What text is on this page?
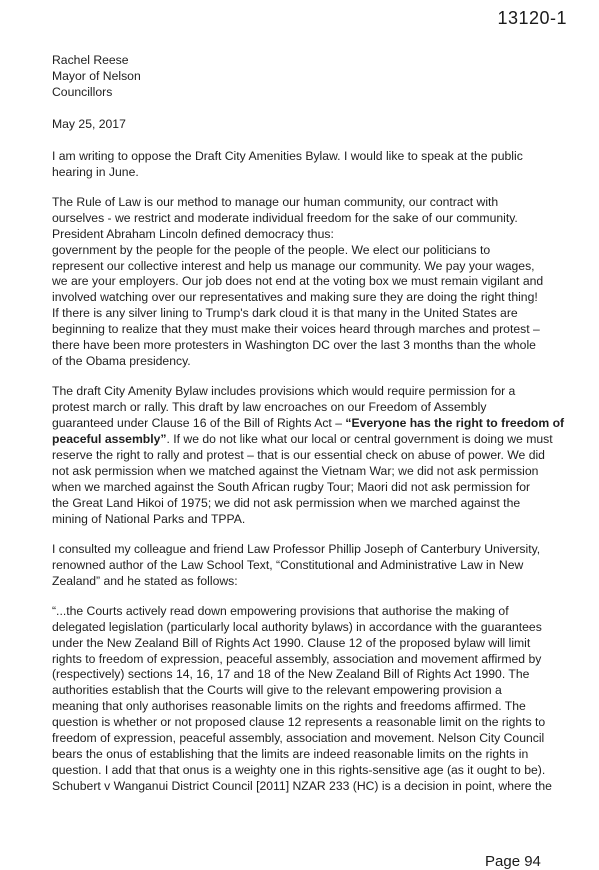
13120-1
Rachel Reese
Mayor of Nelson
Councillors
May 25, 2017
I am writing to oppose the Draft City Amenities Bylaw. I would like to speak at the public
hearing in June.
The Rule of Law is our method to manage our human community, our contract with
ourselves - we restrict and moderate individual freedom for the sake of our community.
President Abraham Lincoln defined democracy thus:
government by the people for the people of the people. We elect our politicians to
represent our collective interest and help us manage our community. We pay your wages,
we are your employers. Our job does not end at the voting box we must remain vigilant and
involved watching over our representatives and making sure they are doing the right thing!
If there is any silver lining to Trump's dark cloud it is that many in the United States are
beginning to realize that they must make their voices heard through marches and protest –
there have been more protesters in Washington DC over the last 3 months than the whole
of the Obama presidency.
The draft City Amenity Bylaw includes provisions which would require permission for a
protest march or rally. This draft by law encroaches on our Freedom of Assembly
guaranteed under Clause 16 of the Bill of Rights Act – “Everyone has the right to freedom of
peaceful assembly”. If we do not like what our local or central government is doing we must
reserve the right to rally and protest – that is our essential check on abuse of power. We did
not ask permission when we matched against the Vietnam War; we did not ask permission
when we marched against the South African rugby Tour; Maori did not ask permission for
the Great Land Hikoi of 1975; we did not ask permission when we marched against the
mining of National Parks and TPPA.
I consulted my colleague and friend Law Professor Phillip Joseph of Canterbury University,
renowned author of the Law School Text, “Constitutional and Administrative Law in New
Zealand” and he stated as follows:
“...the Courts actively read down empowering provisions that authorise the making of
delegated legislation (particularly local authority bylaws) in accordance with the guarantees
under the New Zealand Bill of Rights Act 1990. Clause 12 of the proposed bylaw will limit
rights to freedom of expression, peaceful assembly, association and movement affirmed by
(respectively) sections 14, 16, 17 and 18 of the New Zealand Bill of Rights Act 1990. The
authorities establish that the Courts will give to the relevant empowering provision a
meaning that only authorises reasonable limits on the rights and freedoms affirmed. The
question is whether or not proposed clause 12 represents a reasonable limit on the rights to
freedom of expression, peaceful assembly, association and movement. Nelson City Council
bears the onus of establishing that the limits are indeed reasonable limits on the rights in
question. I add that that onus is a weighty one in this rights-sensitive age (as it ought to be).
Schubert v Wanganui District Council [2011] NZAR 233 (HC) is a decision in point, where the
Page 94
